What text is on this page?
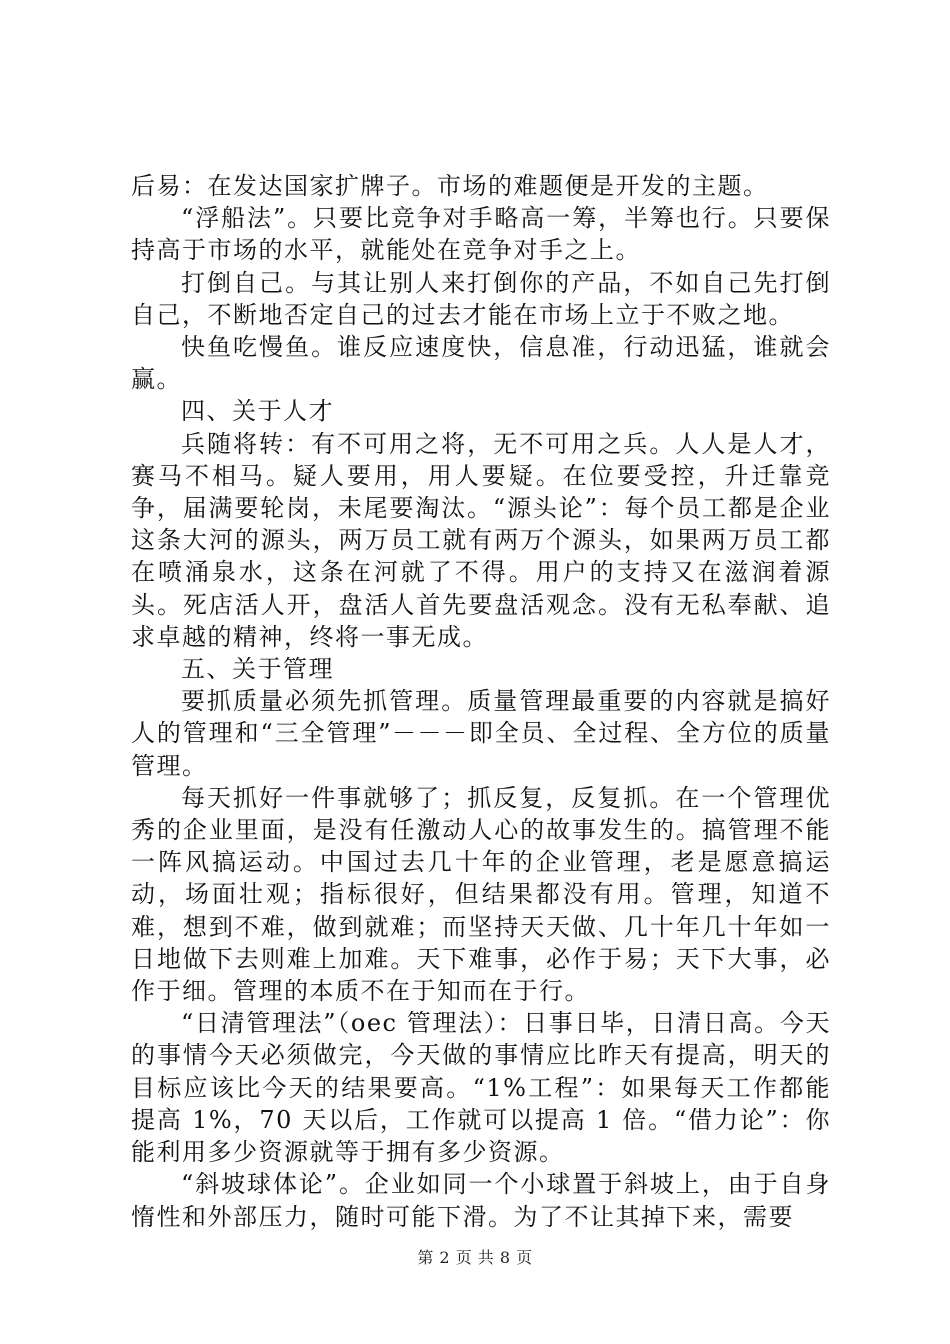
后易：在发达国家扩牌子。市场的难题便是开发的主题。

“浮船法”。只要比竞争对手略高一筹，半筹也行。只要保持高于市场的水平，就能处在竞争对手之上。

打倒自己。与其让别人来打倒你的产品，不如自己先打倒自己，不断地否定自己的过去才能在市场上立于不败之地。

快鱼吃慢鱼。谁反应速度快，信息准，行动迅猛，谁就会赢。

四、关于人才

兵随将转：有不可用之将，无不可用之兵。人人是人才，赛马不相马。疑人要用，用人要疑。在位要受控，升迁靠竞争，届满要轮岗，未尾要淘汰。“源头论”：每个员工都是企业这条大河的源头，两万员工就有两万个源头，如果两万员工都在喷涌泉水，这条在河就了不得。用户的支持又在滋润着源头。死店活人开，盘活人首先要盘活观念。没有无私奉献、追求卓越的精神，终将一事无成。

五、关于管理

要抓质量必须先抓管理。质量管理最重要的内容就是搞好人的管理和“三全管理”－－－即全员、全过程、全方位的质量管理。

每天抓好一件事就够了；抓反复，反复抓。在一个管理优秀的企业里面，是没有任激动人心的故事发生的。搞管理不能一阵风搞运动。中国过去几十年的企业管理，老是愿意搞运动，场面壮观；指标很好，但结果都没有用。管理，知道不难，想到不难，做到就难；而坚持天天做、几十年几十年如一日地做下去则难上加难。天下难事，必作于易；天下大事，必作于细。管理的本质不在于知而在于行。

“日清管理法”（oec 管理法）：日事日毕，日清日高。今天的事情今天必须做完，今天做的事情应比昨天有提高，明天的目标应该比今天的结果要高。“1%工程”：如果每天工作都能提高 1%，70 天以后，工作就可以提高 1 倍。“借力论”：你能利用多少资源就等于拥有多少资源。

“斜坡球体论”。企业如同一个小球置于斜坡上，由于自身惰性和外部压力，随时可能下滑。为了不让其掉下来，需要

第 2 页 共 8 页
